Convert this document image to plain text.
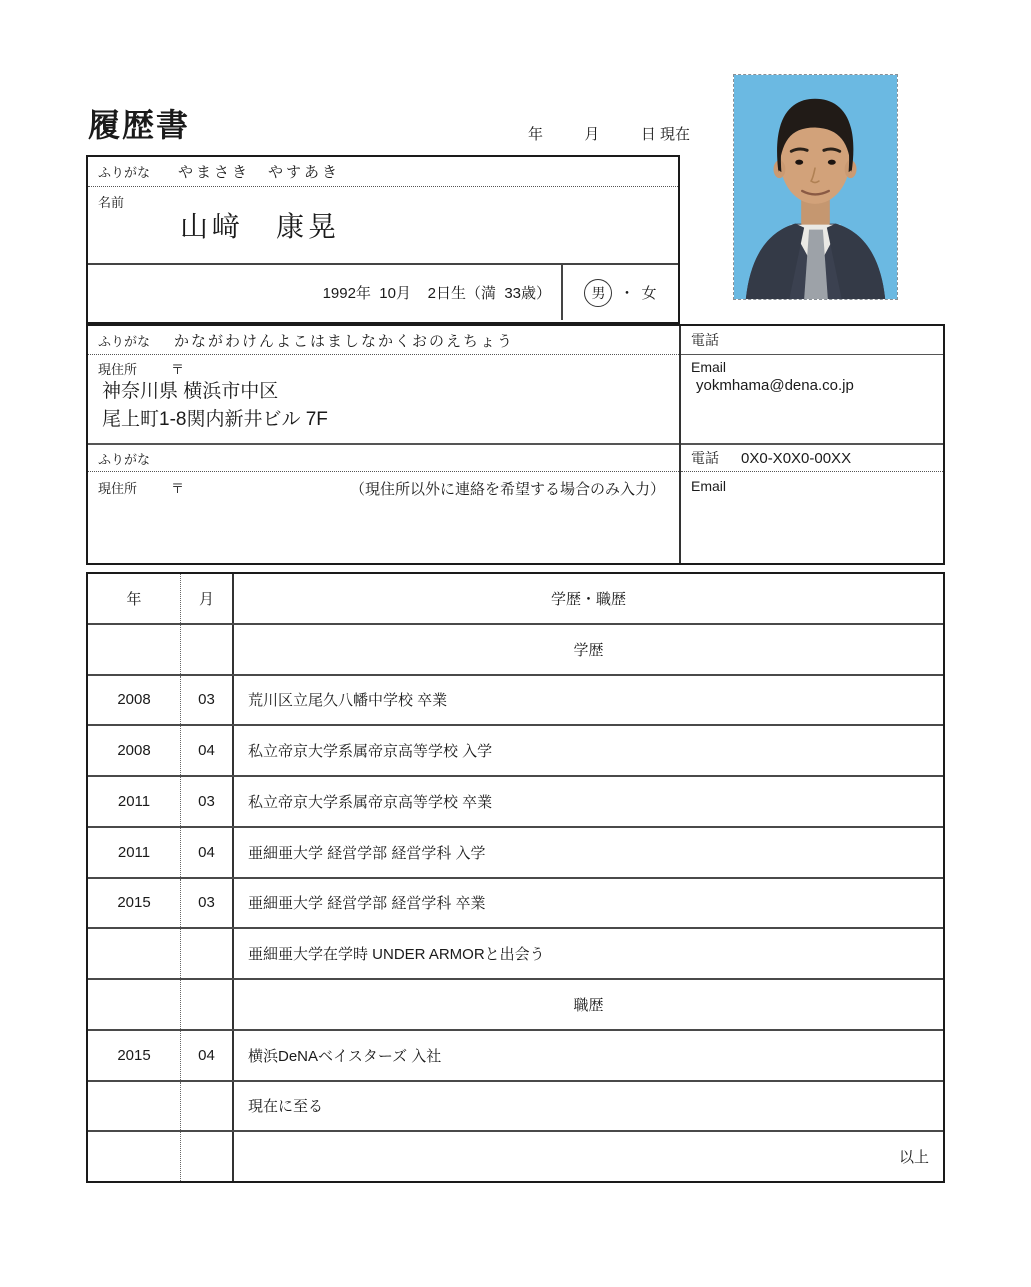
履歴書	年	月	日 現在
ふりがな やまさき　やすあき
名前
山﨑　康晃
1992年  10月    2日生（満  33歳）	男 ・ 女
ふりがな かながわけんよこはましなかくおのえちょう
現住所	〒
神奈川県 横浜市中区
尾上町1-8関内新井ビル 7F
ふりがな
現住所	〒	（現住所以外に連絡を希望する場合のみ入力）
電話
Email
yokmhama@dena.co.jp
電話 0X0-X0X0-00XX
Email
年	月	学歴・職歴
学歴
2008	03	荒川区立尾久八幡中学校 卒業
2008	04	私立帝京大学系属帝京高等学校 入学
2011	03	私立帝京大学系属帝京高等学校 卒業
2011	04	亜細亜大学 経営学部 経営学科 入学
2015	03	亜細亜大学 経営学部 経営学科 卒業
亜細亜大学在学時 UNDER ARMORと出会う
職歴
2015	04	横浜DeNAベイスターズ 入社
現在に至る
以上
